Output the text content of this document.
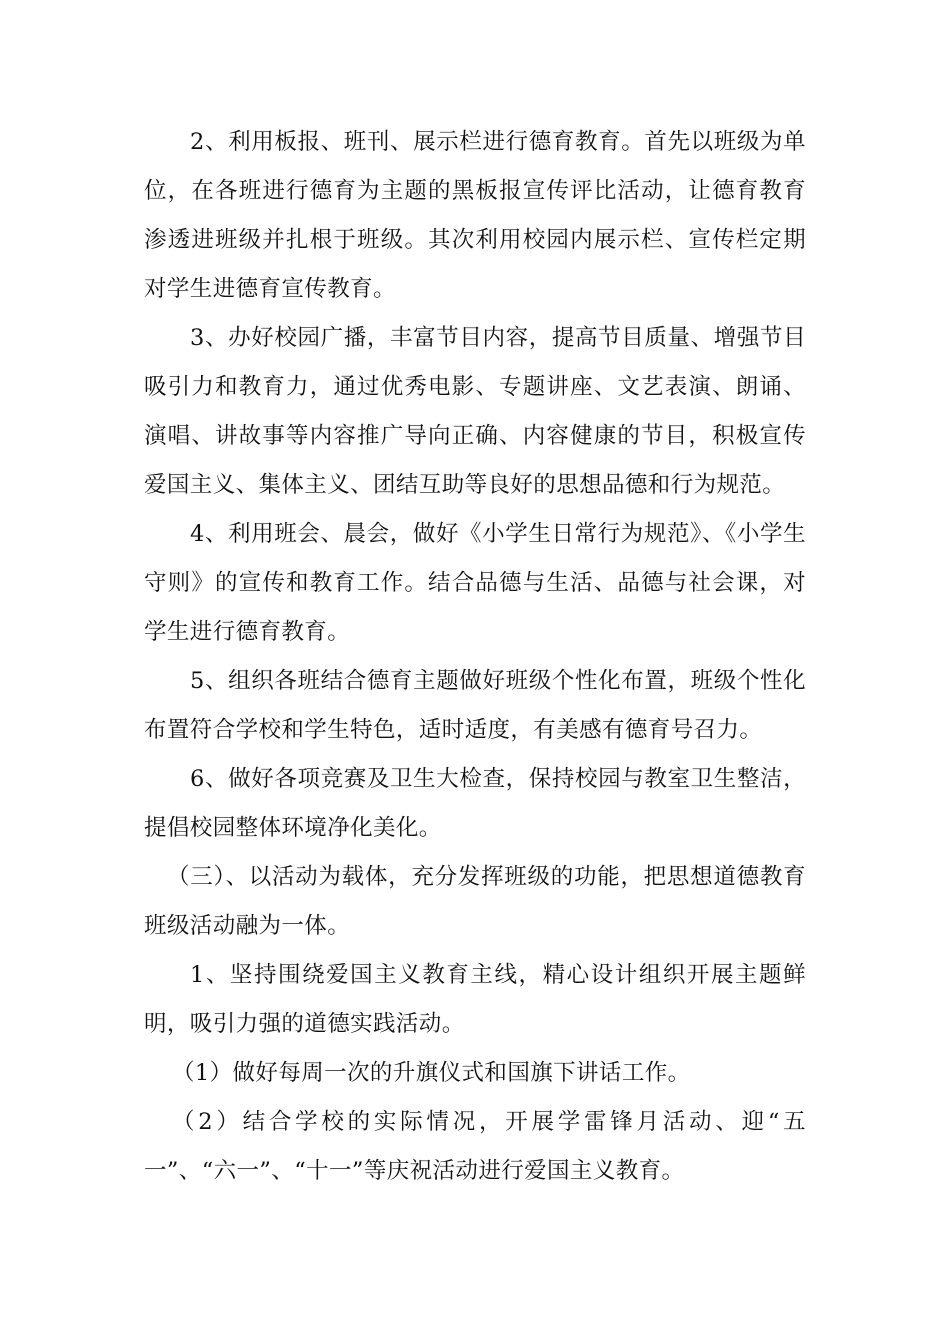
2、利用板报、班刊、展示栏进行德育教育。首先以班级为单位，在各班进行德育为主题的黑板报宣传评比活动，让德育教育渗透进班级并扎根于班级。其次利用校园内展示栏、宣传栏定期对学生进德育宣传教育。

3、办好校园广播，丰富节目内容，提高节目质量、增强节目吸引力和教育力，通过优秀电影、专题讲座、文艺表演、朗诵、演唱、讲故事等内容推广导向正确、内容健康的节目，积极宣传爱国主义、集体主义、团结互助等良好的思想品德和行为规范。

4、利用班会、晨会，做好《小学生日常行为规范》、《小学生守则》的宣传和教育工作。结合品德与生活、品德与社会课，对学生进行德育教育。

5、组织各班结合德育主题做好班级个性化布置，班级个性化布置符合学校和学生特色，适时适度，有美感有德育号召力。

6、做好各项竞赛及卫生大检查，保持校园与教室卫生整洁，提倡校园整体环境净化美化。

（三）、以活动为载体，充分发挥班级的功能，把思想道德教育班级活动融为一体。

1、坚持围绕爱国主义教育主线，精心设计组织开展主题鲜明，吸引力强的道德实践活动。

（1）做好每周一次的升旗仪式和国旗下讲话工作。

（2）结合学校的实际情况，开展学雷锋月活动、迎“五一”、“六一”、“十一”等庆祝活动进行爱国主义教育。
